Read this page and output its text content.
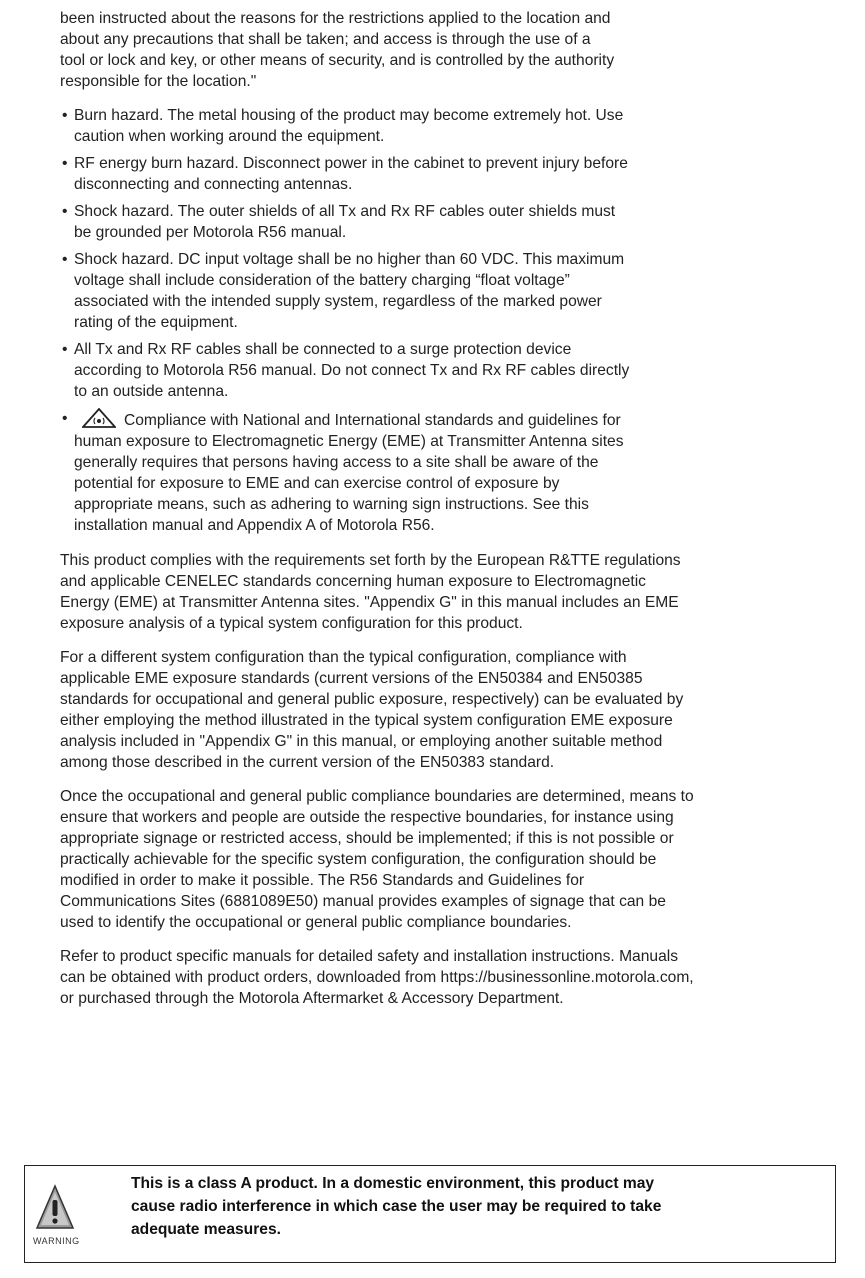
been instructed about the reasons for the restrictions applied to the location and
about any precautions that shall be taken; and access is through the use of a
tool or lock and key, or other means of security, and is controlled by the authority
responsible for the location."
• Burn hazard. The metal housing of the product may become extremely hot. Use
caution when working around the equipment.
• RF energy burn hazard. Disconnect power in the cabinet to prevent injury before
disconnecting and connecting antennas.
• Shock hazard. The outer shields of all Tx and Rx RF cables outer shields must
be grounded per Motorola R56 manual.
• Shock hazard. DC input voltage shall be no higher than 60 VDC. This maximum
voltage shall include consideration of the battery charging “float voltage”
associated with the intended supply system, regardless of the marked power
rating of the equipment.
• All Tx and Rx RF cables shall be connected to a surge protection device
according to Motorola R56 manual. Do not connect Tx and Rx RF cables directly
to an outside antenna.
•	Compliance with National and International standards and guidelines for
human exposure to Electromagnetic Energy (EME) at Transmitter Antenna sites
generally requires that persons having access to a site shall be aware of the
potential for exposure to EME and can exercise control of exposure by
appropriate means, such as adhering to warning sign instructions. See this
installation manual and Appendix A of Motorola R56.
This product complies with the requirements set forth by the European R&TTE regulations
and applicable CENELEC standards concerning human exposure to Electromagnetic
Energy (EME) at Transmitter Antenna sites. "Appendix G" in this manual includes an EME
exposure analysis of a typical system configuration for this product.
For a different system configuration than the typical configuration, compliance with
applicable EME exposure standards (current versions of the EN50384 and EN50385
standards for occupational and general public exposure, respectively) can be evaluated by
either employing the method illustrated in the typical system configuration EME exposure
analysis included in "Appendix G" in this manual, or employing another suitable method
among those described in the current version of the EN50383 standard.
Once the occupational and general public compliance boundaries are determined, means to
ensure that workers and people are outside the respective boundaries, for instance using
appropriate signage or restricted access, should be implemented; if this is not possible or
practically achievable for the specific system configuration, the configuration should be
modified in order to make it possible. The R56 Standards and Guidelines for
Communications Sites (6881089E50) manual provides examples of signage that can be
used to identify the occupational or general public compliance boundaries.
Refer to product specific manuals for detailed safety and installation instructions. Manuals
can be obtained with product orders, downloaded from https://businessonline.motorola.com,
or purchased through the Motorola Aftermarket & Accessory Department.
WARNING
This is a class A product. In a domestic environment, this product may
cause radio interference in which case the user may be required to take
adequate measures.
